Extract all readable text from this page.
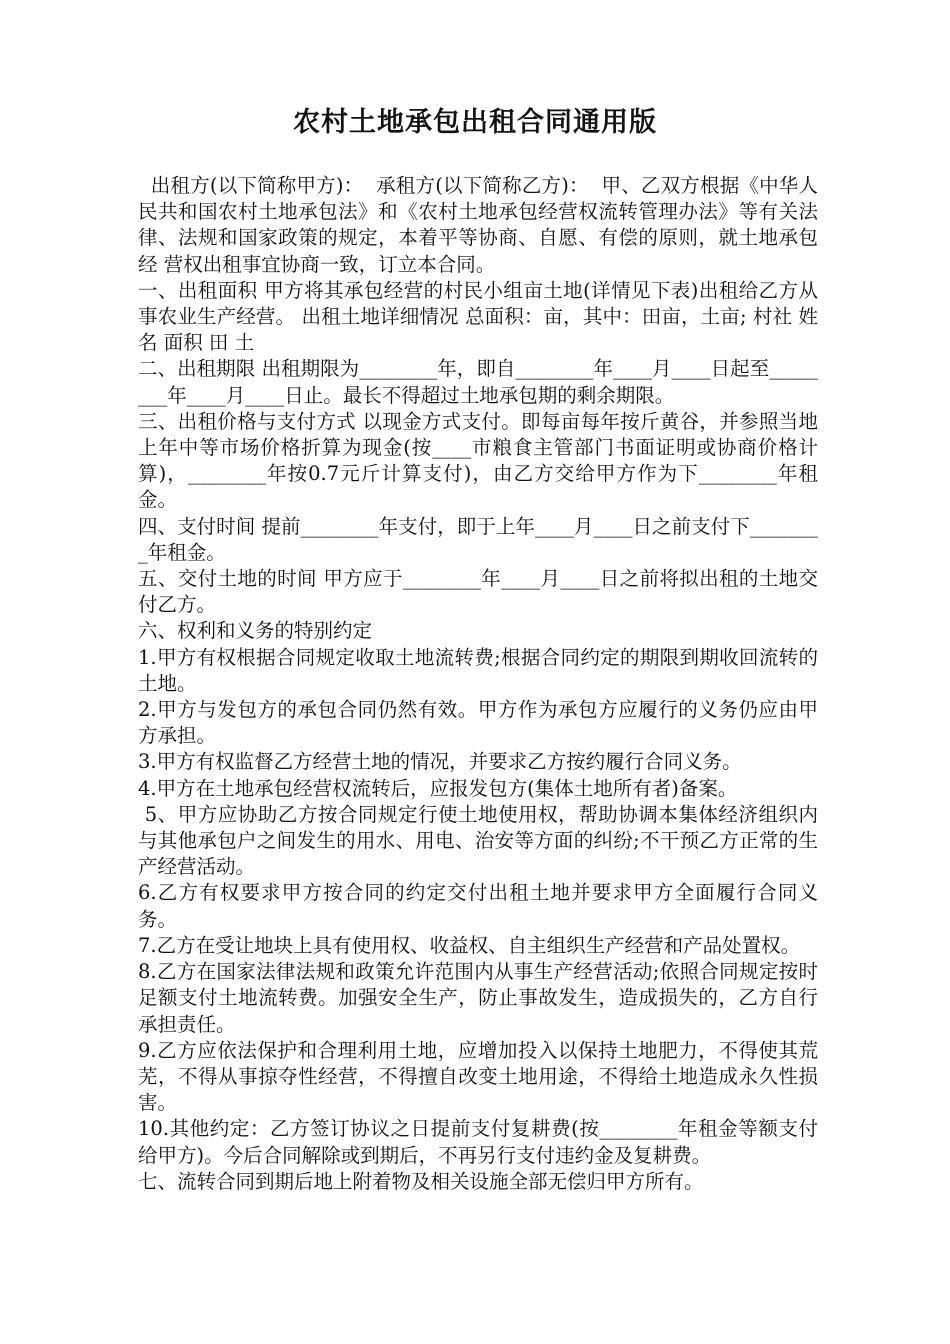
农村土地承包出租合同通用版

出租方(以下简称甲方)：  承租方(以下简称乙方)：  甲、乙双方根据《中华人民共和国农村土地承包法》和《农村土地承包经营权流转管理办法》等有关法律、法规和国家政策的规定，本着平等协商、自愿、有偿的原则，就土地承包经 营权出租事宜协商一致，订立本合同。

一、出租面积 甲方将其承包经营的村民小组亩土地(详情见下表)出租给乙方从事农业生产经营。 出租土地详细情况 总面积：亩，其中：田亩，土亩; 村社 姓名 面积 田 土

二、出租期限 出租期限为________年，即自________年____月____日起至________年____月____日止。最长不得超过土地承包期的剩余期限。

三、出租价格与支付方式 以现金方式支付。即每亩每年按斤黄谷，并参照当地上年中等市场价格折算为现金(按____市粮食主管部门书面证明或协商价格计算)，________年按0.7元斤计算支付)，由乙方交给甲方作为下________年租金。

四、支付时间 提前________年支付，即于上年____月____日之前支付下________年租金。

五、交付土地的时间 甲方应于________年____月____日之前将拟出租的土地交付乙方。

六、权利和义务的特别约定

1.甲方有权根据合同规定收取土地流转费;根据合同约定的期限到期收回流转的土地。

2.甲方与发包方的承包合同仍然有效。甲方作为承包方应履行的义务仍应由甲方承担。

3.甲方有权监督乙方经营土地的情况，并要求乙方按约履行合同义务。

4.甲方在土地承包经营权流转后，应报发包方(集体土地所有者)备案。

5、甲方应协助乙方按合同规定行使土地使用权，帮助协调本集体经济组织内与其他承包户之间发生的用水、用电、治安等方面的纠纷;不干预乙方正常的生产经营活动。

6.乙方有权要求甲方按合同的约定交付出租土地并要求甲方全面履行合同义务。

7.乙方在受让地块上具有使用权、收益权、自主组织生产经营和产品处置权。

8.乙方在国家法律法规和政策允许范围内从事生产经营活动;依照合同规定按时足额支付土地流转费。加强安全生产，防止事故发生，造成损失的，乙方自行承担责任。

9.乙方应依法保护和合理利用土地，应增加投入以保持土地肥力，不得使其荒芜，不得从事掠夺性经营，不得擅自改变土地用途，不得给土地造成永久性损害。

10.其他约定：乙方签订协议之日提前支付复耕费(按________年租金等额支付给甲方)。今后合同解除或到期后，不再另行支付违约金及复耕费。

七、流转合同到期后地上附着物及相关设施全部无偿归甲方所有。
